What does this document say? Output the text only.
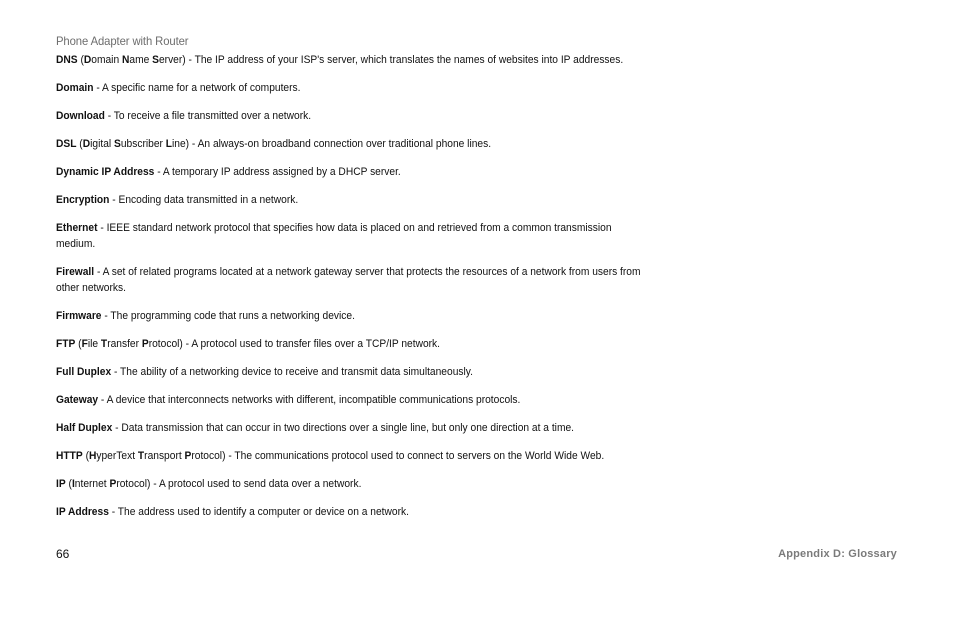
Phone Adapter with Router
DNS (Domain Name Server) - The IP address of your ISP's server, which translates the names of websites into IP addresses.
Domain - A specific name for a network of computers.
Download - To receive a file transmitted over a network.
DSL (Digital Subscriber Line) - An always-on broadband connection over traditional phone lines.
Dynamic IP Address - A temporary IP address assigned by a DHCP server.
Encryption - Encoding data transmitted in a network.
Ethernet - IEEE standard network protocol that specifies how data is placed on and retrieved from a common transmission medium.
Firewall - A set of related programs located at a network gateway server that protects the resources of a network from users from other networks.
Firmware - The programming code that runs a networking device.
FTP (File Transfer Protocol) - A protocol used to transfer files over a TCP/IP network.
Full Duplex - The ability of a networking device to receive and transmit data simultaneously.
Gateway - A device that interconnects networks with different, incompatible communications protocols.
Half Duplex - Data transmission that can occur in two directions over a single line, but only one direction at a time.
HTTP (HyperText Transport Protocol) - The communications protocol used to connect to servers on the World Wide Web.
IP (Internet Protocol) - A protocol used to send data over a network.
IP Address - The address used to identify a computer or device on a network.
66	Appendix D: Glossary
